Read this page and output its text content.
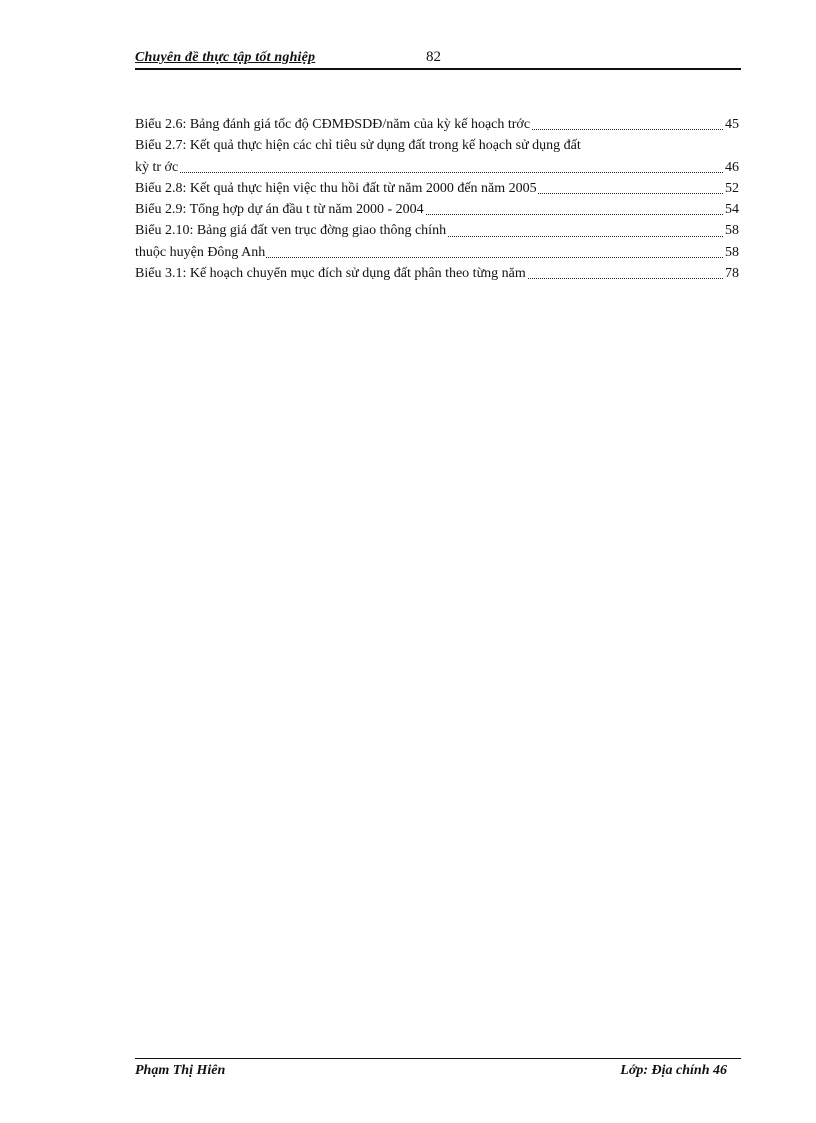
Chuyên đề thực tập tốt nghiệp	82
Biểu 2.6: Bảng đánh giá tốc độ CĐMĐSDĐ/năm của kỳ kế hoạch trớc	45
Biểu 2.7: Kết quả thực hiện các chỉ tiêu sử dụng đất trong kế hoạch sử dụng đất
kỳ tr ớc	46
Biểu 2.8: Kết quả thực hiện việc thu hồi đất từ năm 2000 đến năm 2005	52
Biểu 2.9: Tổng hợp dự án đầu t từ năm 2000 - 2004	54
Biểu 2.10: Bảng giá đất ven trục đờng giao thông chính	58
thuộc huyện Đông Anh	58
Biểu 3.1: Kế hoạch chuyển mục đích sử dụng đất phân theo từng năm	78
Phạm Thị Hiên	Lớp: Địa chính 46
